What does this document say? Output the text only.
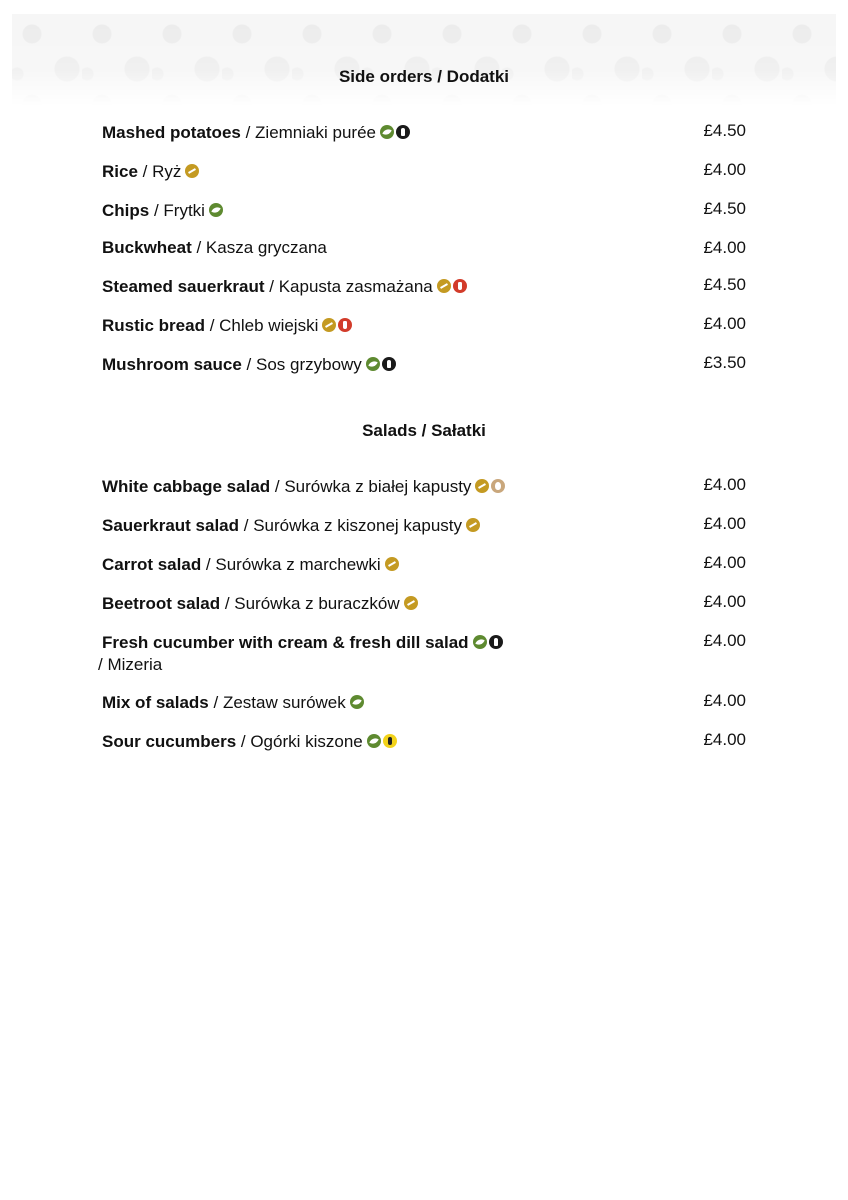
Side orders / Dodatki
Mashed potatoes / Ziemniaki purée	£4.50
Rice / Ryż	£4.00
Chips / Frytki	£4.50
Buckwheat / Kasza gryczana	£4.00
Steamed sauerkraut / Kapusta zasmażana	£4.50
Rustic bread / Chleb wiejski	£4.00
Mushroom sauce / Sos grzybowy	£3.50
Salads / Sałatki
White cabbage salad / Surówka z białej kapusty	£4.00
Sauerkraut salad / Surówka z kiszonej kapusty	£4.00
Carrot salad / Surówka z marchewki	£4.00
Beetroot salad / Surówka z buraczków	£4.00
Fresh cucumber with cream & fresh dill salad
/ Mizeria
£4.00
Mix of salads / Zestaw surówek	£4.00
Sour cucumbers / Ogórki kiszone	£4.00
